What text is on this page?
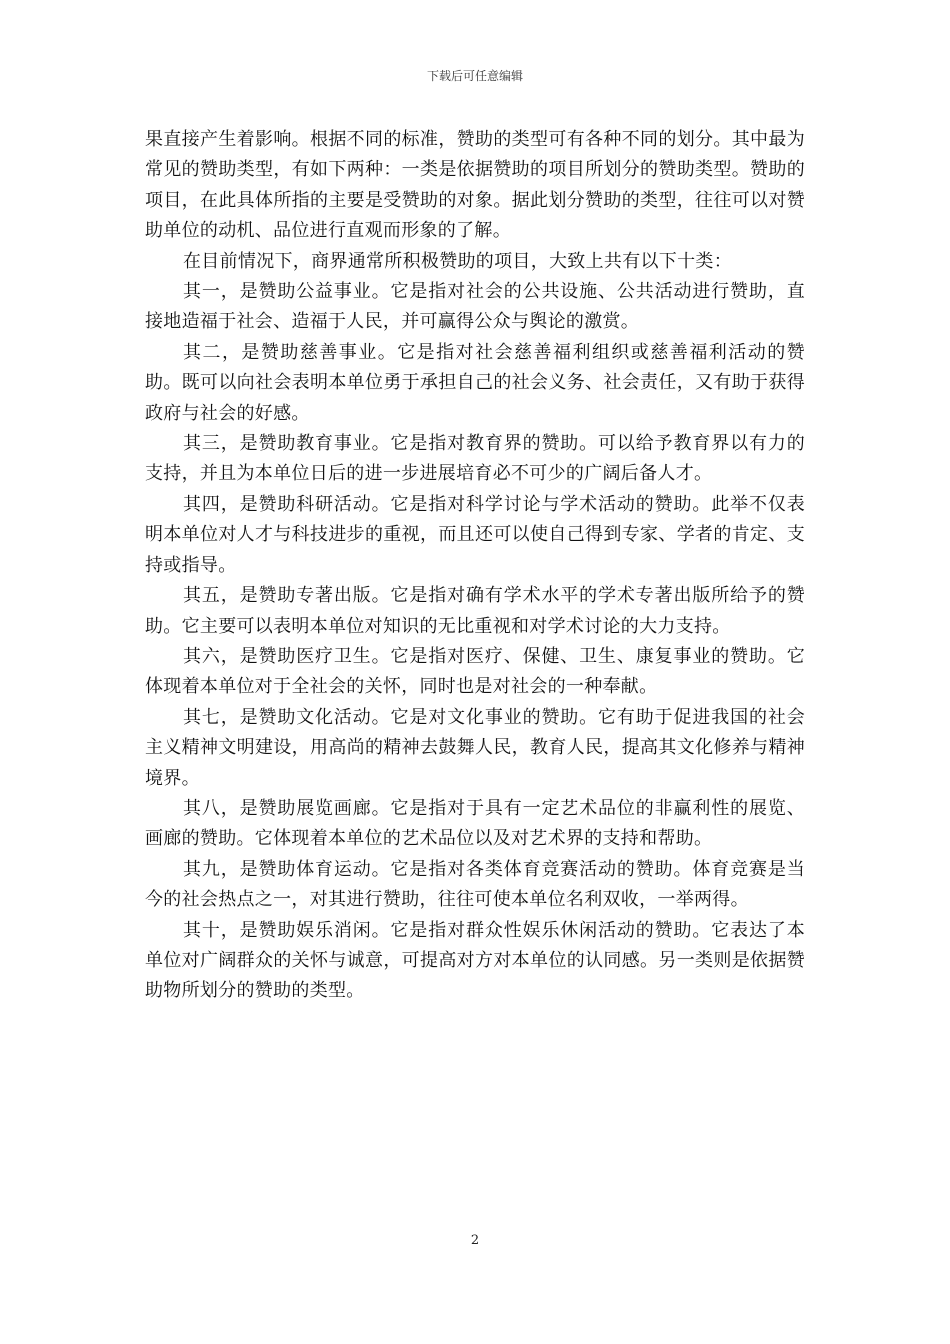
下载后可任意编辑

果直接产生着影响。根据不同的标准，赞助的类型可有各种不同的划分。其中最为常见的赞助类型，有如下两种：一类是依据赞助的项目所划分的赞助类型。赞助的项目，在此具体所指的主要是受赞助的对象。据此划分赞助的类型，往往可以对赞助单位的动机、品位进行直观而形象的了解。

在目前情况下，商界通常所积极赞助的项目，大致上共有以下十类：

其一，是赞助公益事业。它是指对社会的公共设施、公共活动进行赞助，直接地造福于社会、造福于人民，并可赢得公众与舆论的激赏。

其二，是赞助慈善事业。它是指对社会慈善福利组织或慈善福利活动的赞助。既可以向社会表明本单位勇于承担自己的社会义务、社会责任，又有助于获得政府与社会的好感。

其三，是赞助教育事业。它是指对教育界的赞助。可以给予教育界以有力的支持，并且为本单位日后的进一步进展培育必不可少的广阔后备人才。

其四，是赞助科研活动。它是指对科学讨论与学术活动的赞助。此举不仅表明本单位对人才与科技进步的重视，而且还可以使自己得到专家、学者的肯定、支持或指导。

其五，是赞助专著出版。它是指对确有学术水平的学术专著出版所给予的赞助。它主要可以表明本单位对知识的无比重视和对学术讨论的大力支持。

其六，是赞助医疗卫生。它是指对医疗、保健、卫生、康复事业的赞助。它体现着本单位对于全社会的关怀，同时也是对社会的一种奉献。

其七，是赞助文化活动。它是对文化事业的赞助。它有助于促进我国的社会主义精神文明建设，用高尚的精神去鼓舞人民，教育人民，提高其文化修养与精神境界。

其八，是赞助展览画廊。它是指对于具有一定艺术品位的非赢利性的展览、画廊的赞助。它体现着本单位的艺术品位以及对艺术界的支持和帮助。

其九，是赞助体育运动。它是指对各类体育竞赛活动的赞助。体育竞赛是当今的社会热点之一，对其进行赞助，往往可使本单位名利双收，一举两得。

其十，是赞助娱乐消闲。它是指对群众性娱乐休闲活动的赞助。它表达了本单位对广阔群众的关怀与诚意，可提高对方对本单位的认同感。另一类则是依据赞助物所划分的赞助的类型。

2
